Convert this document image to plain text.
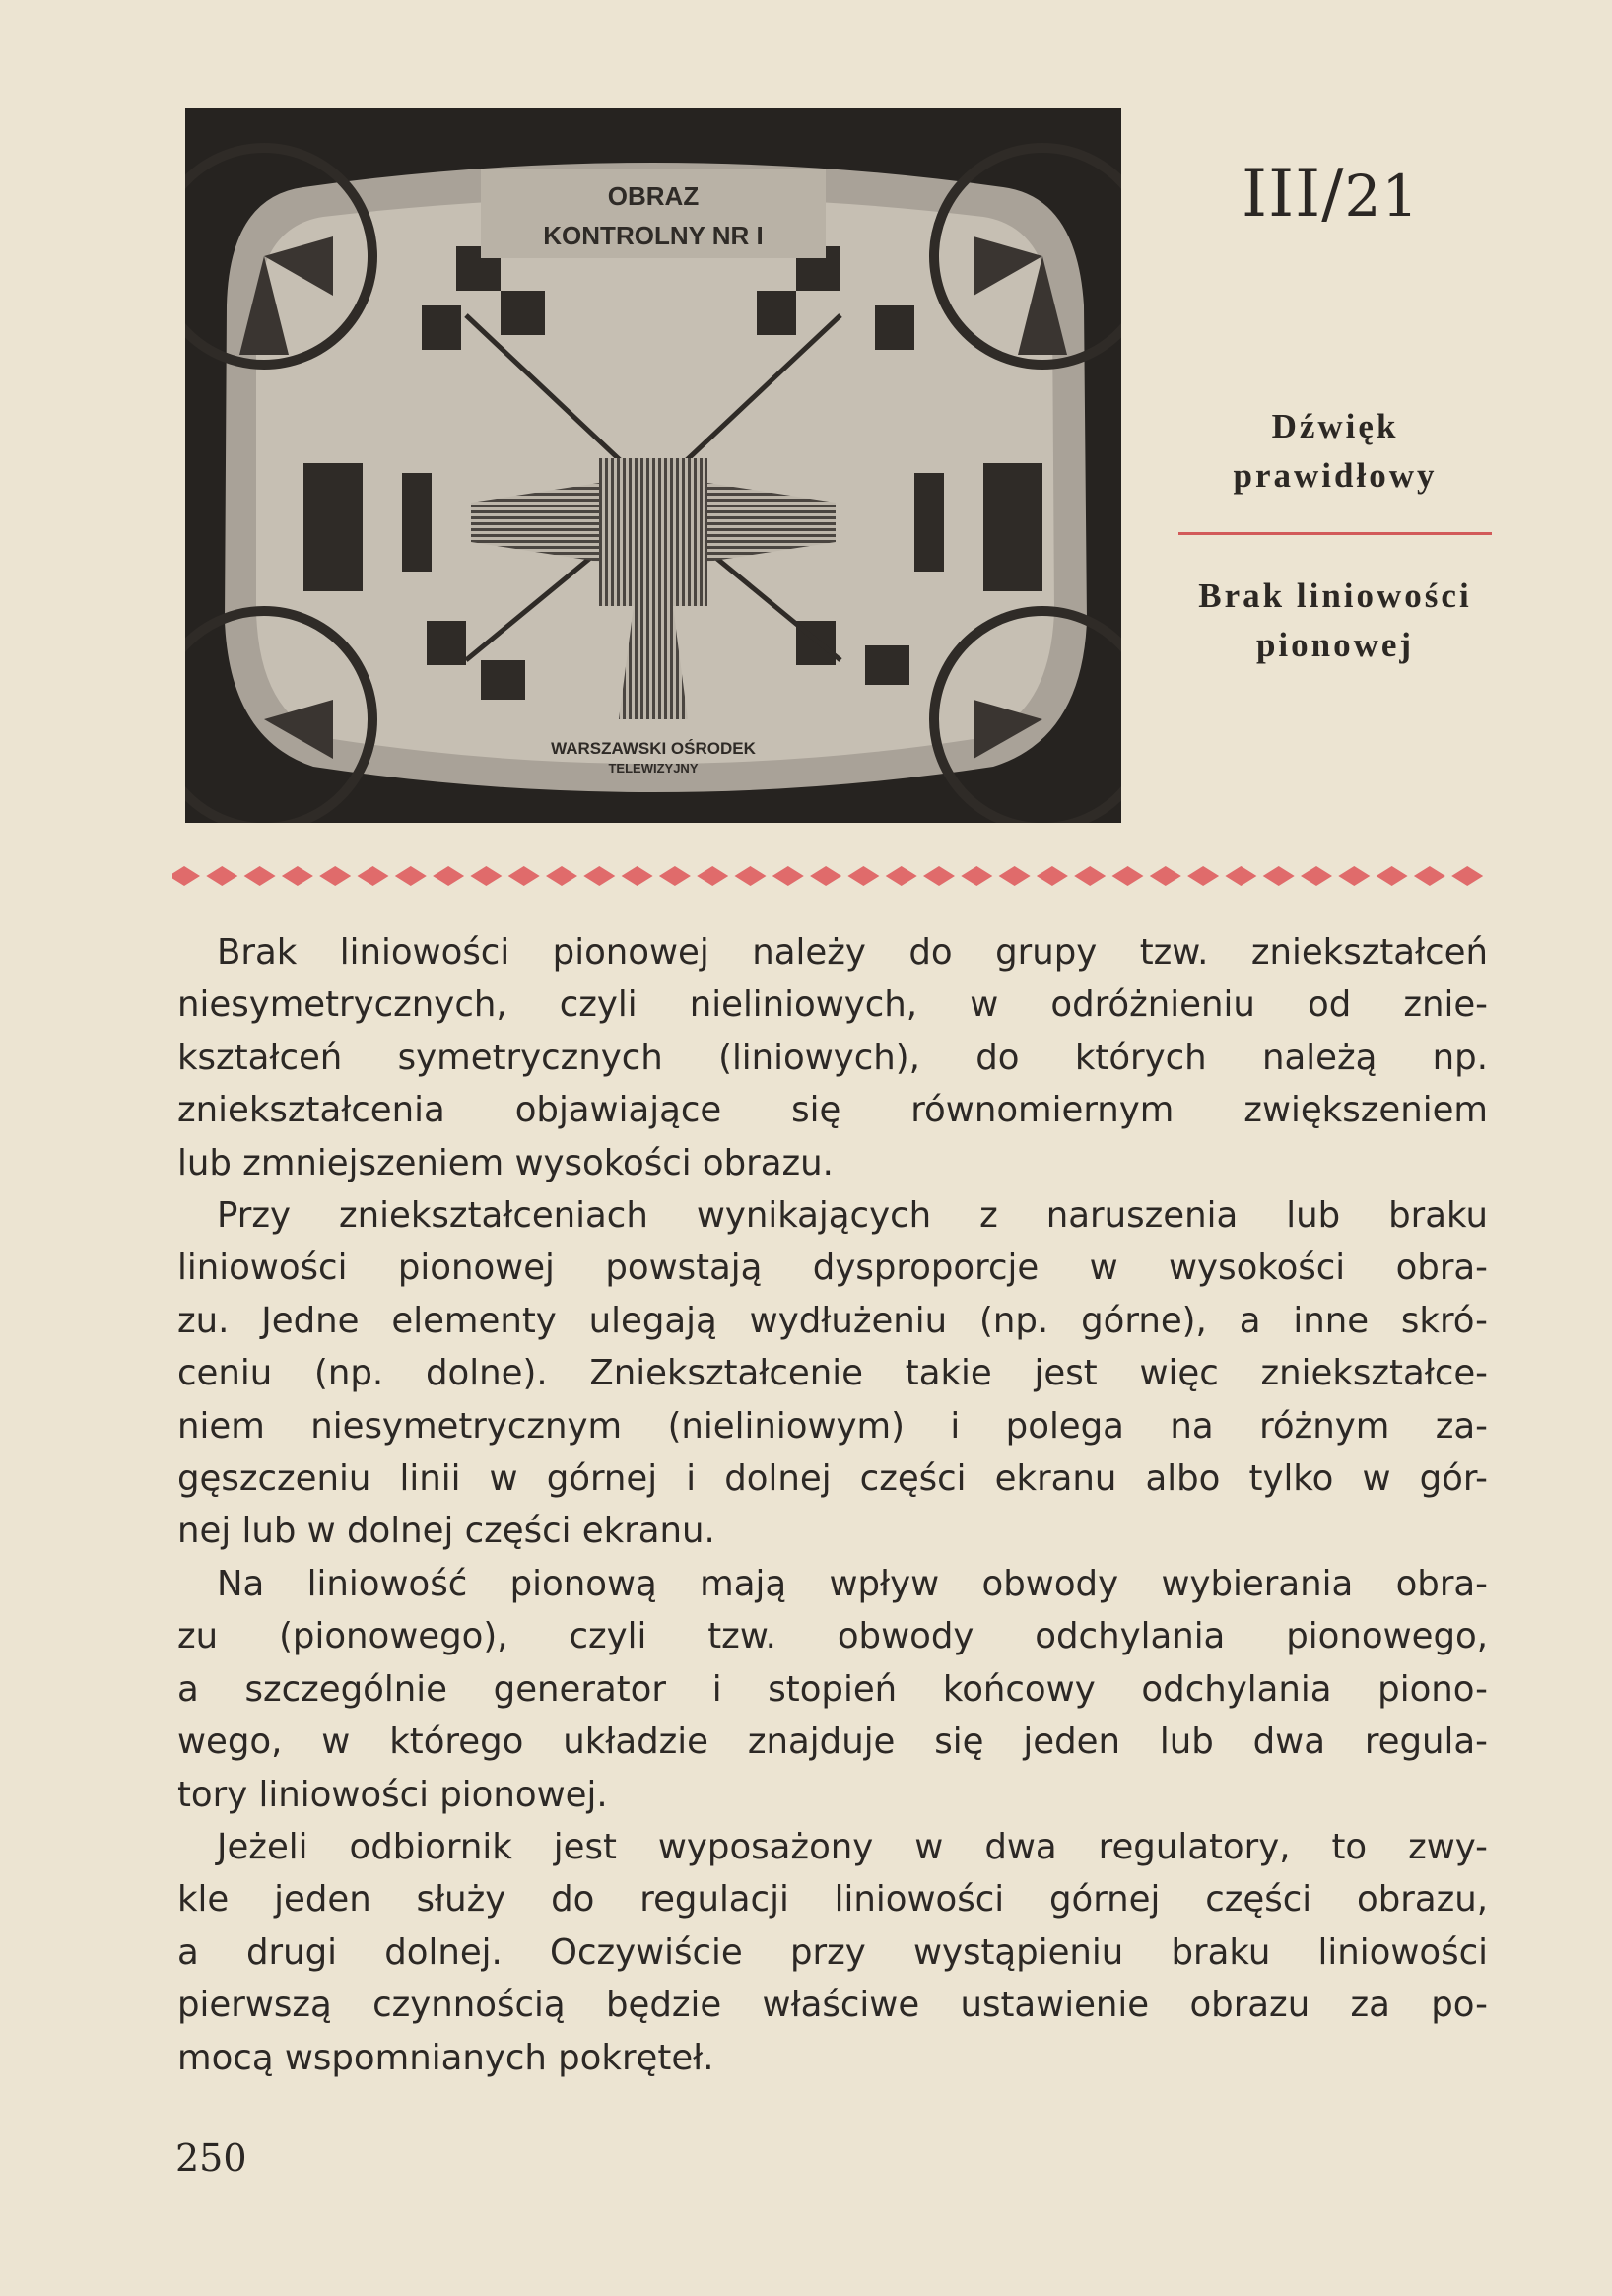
OBRAZ
KONTROLNY NR I
WARSZAWSKI OŚRODEK
TELEWIZYJNY
III/21
Dźwięk
prawidłowy
Brak liniowości
pionowej

Brak liniowości pionowej należy do grupy tzw. zniekształceń
niesymetrycznych, czyli nieliniowych, w odróżnieniu od znie-
kształceń symetrycznych (liniowych), do których należą np.
zniekształcenia objawiające się równomiernym zwiększeniem
lub zmniejszeniem wysokości obrazu.

Przy zniekształceniach wynikających z naruszenia lub braku
liniowości pionowej powstają dysproporcje w wysokości obra-
zu. Jedne elementy ulegają wydłużeniu (np. górne), a inne skró-
ceniu (np. dolne). Zniekształcenie takie jest więc zniekształce-
niem niesymetrycznym (nieliniowym) i polega na różnym za-
gęszczeniu linii w górnej i dolnej części ekranu albo tylko w gór-
nej lub w dolnej części ekranu.

Na liniowość pionową mają wpływ obwody wybierania obra-
zu (pionowego), czyli tzw. obwody odchylania pionowego,
a szczególnie generator i stopień końcowy odchylania piono-
wego, w którego układzie znajduje się jeden lub dwa regula-
tory liniowości pionowej.

Jeżeli odbiornik jest wyposażony w dwa regulatory, to zwy-
kle jeden służy do regulacji liniowości górnej części obrazu,
a drugi dolnej. Oczywiście przy wystąpieniu braku liniowości
pierwszą czynnością będzie właściwe ustawienie obrazu za po-
mocą wspomnianych pokręteł.

250
